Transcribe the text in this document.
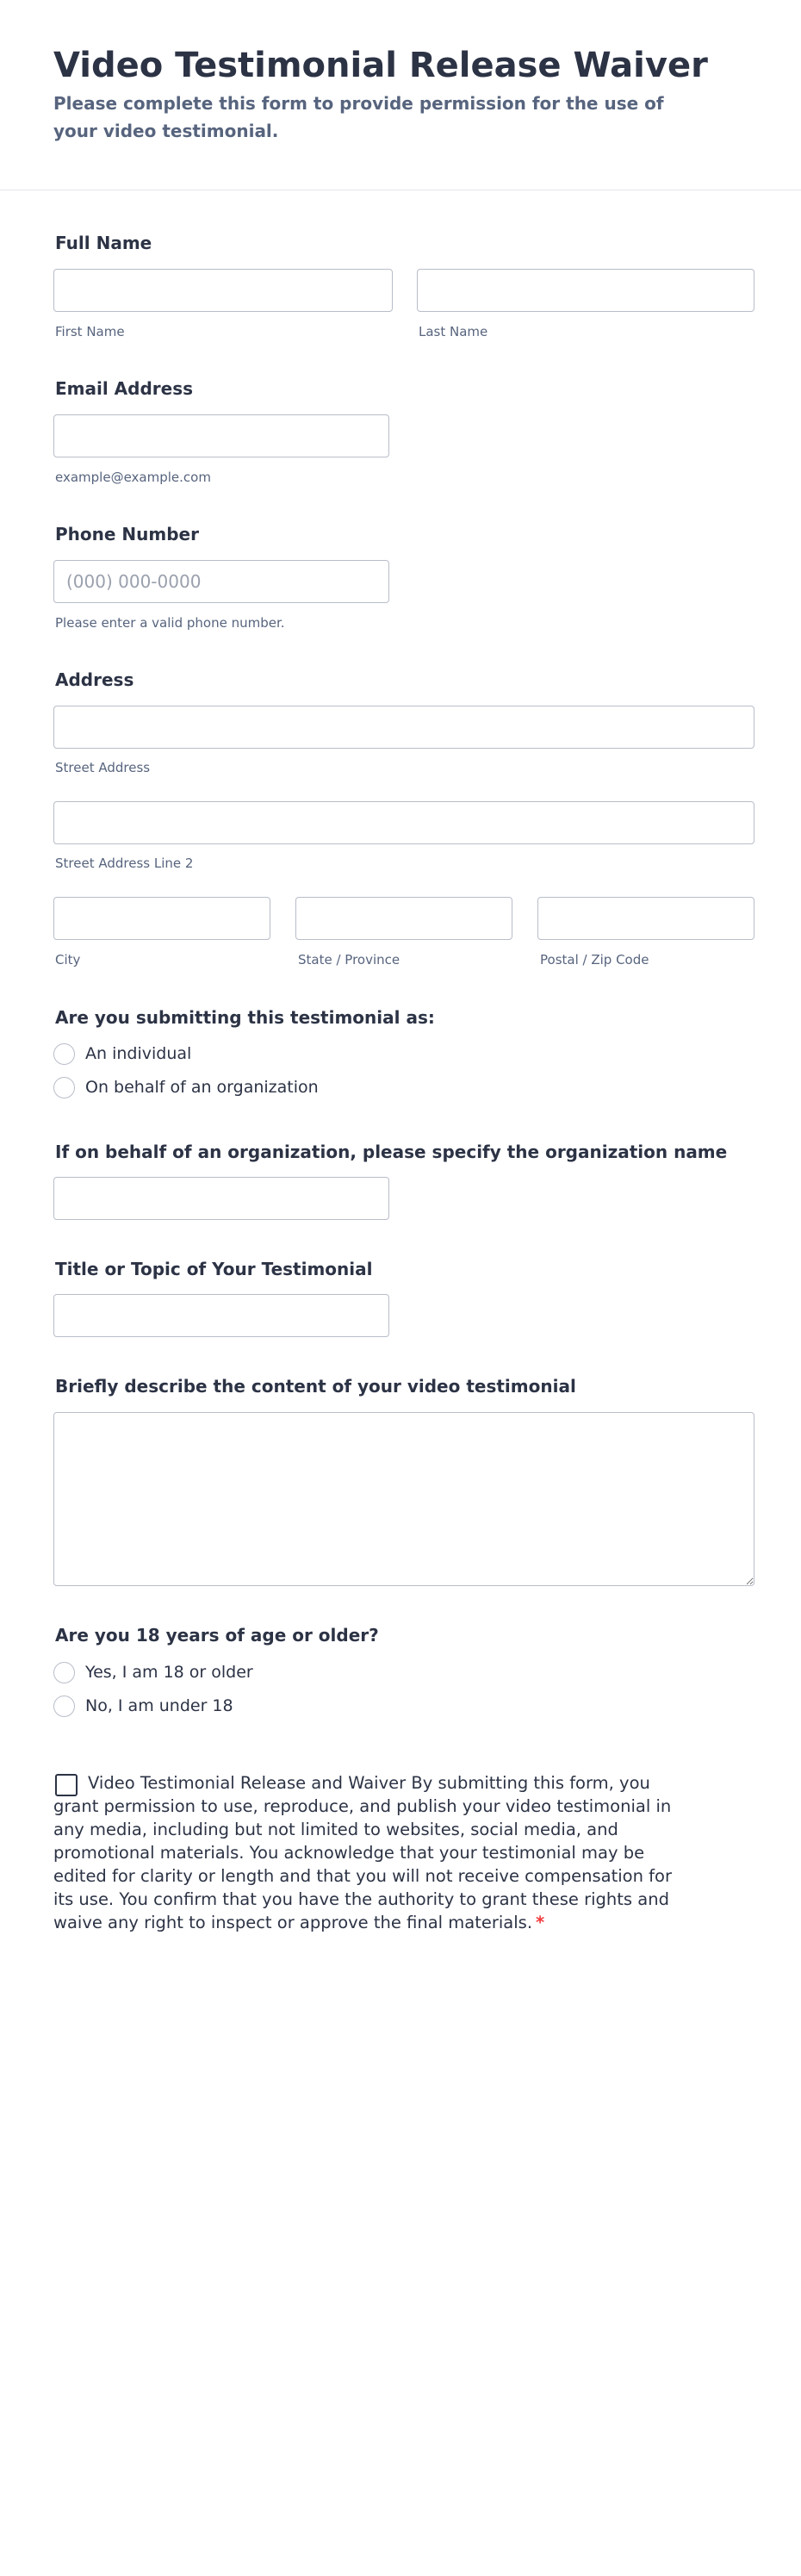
Video Testimonial Release Waiver

Please complete this form to provide permission for the use of your video testimonial.

Full Name
First Name	Last Name
Email Address
example@example.com
Phone Number
(000) 000-0000
Please enter a valid phone number.
Address
Street Address
Street Address Line 2
City	State / Province	Postal / Zip Code
Are you submitting this testimonial as:
An individual
On behalf of an organization
If on behalf of an organization, please specify the organization name
Title or Topic of Your Testimonial
Briefly describe the content of your video testimonial
Are you 18 years of age or older?
Yes, I am 18 or older
No, I am under 18

Video Testimonial Release and Waiver By submitting this form, you grant permission to use, reproduce, and publish your video testimonial in any media, including but not limited to websites, social media, and promotional materials. You acknowledge that your testimonial may be edited for clarity or length and that you will not receive compensation for its use. You confirm that you have the authority to grant these rights and waive any right to inspect or approve the final materials. *
